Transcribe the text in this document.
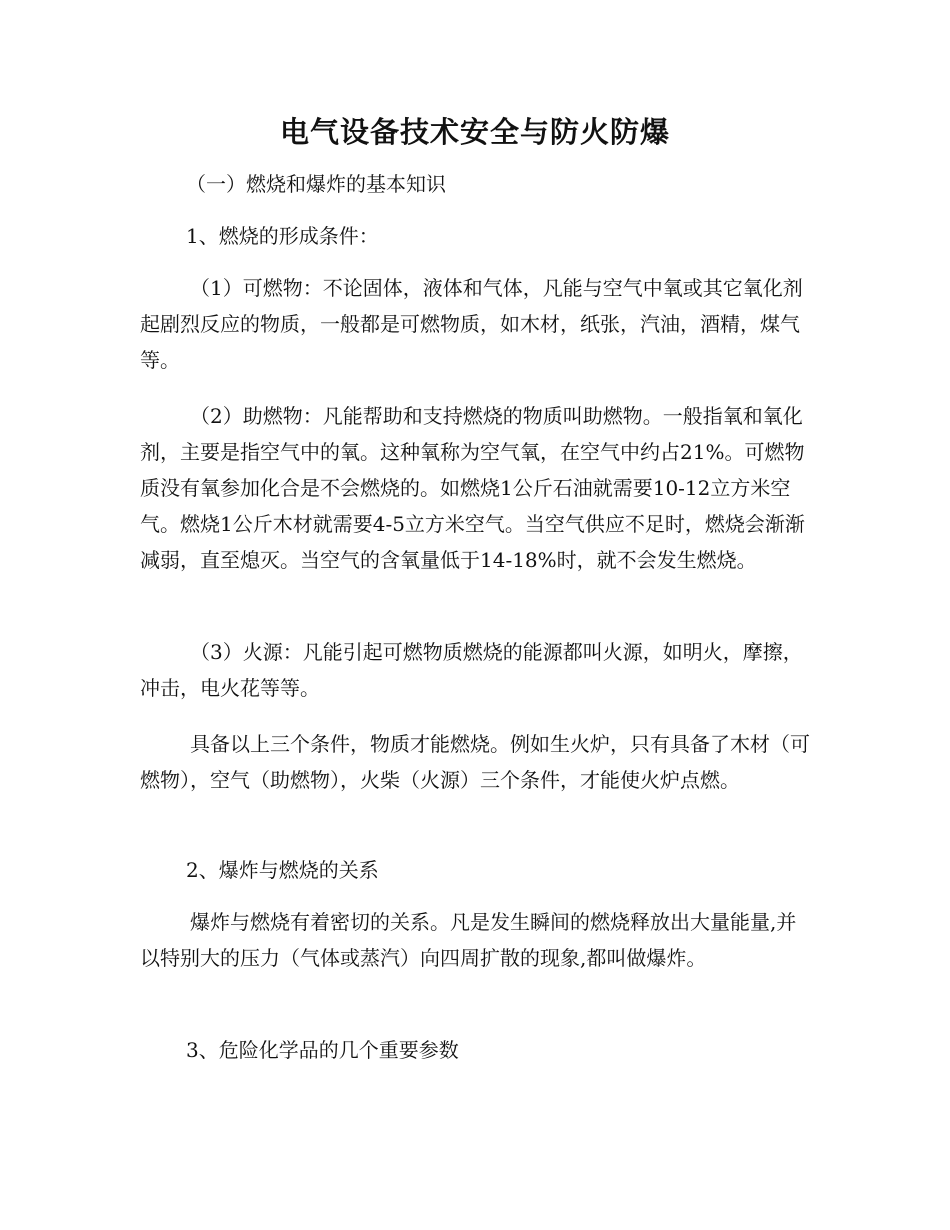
电气设备技术安全与防火防爆

（一）燃烧和爆炸的基本知识

1、燃烧的形成条件：

（1）可燃物：不论固体，液体和气体，凡能与空气中氧或其它氧化剂起剧烈反应的物质，一般都是可燃物质，如木材，纸张，汽油，酒精，煤气等。

（2）助燃物：凡能帮助和支持燃烧的物质叫助燃物。一般指氧和氧化剂，主要是指空气中的氧。这种氧称为空气氧，在空气中约占21%。可燃物质没有氧参加化合是不会燃烧的。如燃烧1公斤石油就需要10-12立方米空气。燃烧1公斤木材就需要4-5立方米空气。当空气供应不足时，燃烧会渐渐减弱，直至熄灭。当空气的含氧量低于14-18%时，就不会发生燃烧。

（3）火源：凡能引起可燃物质燃烧的能源都叫火源，如明火，摩擦，冲击，电火花等等。

具备以上三个条件，物质才能燃烧。例如生火炉，只有具备了木材（可燃物），空气（助燃物），火柴（火源）三个条件，才能使火炉点燃。

2、爆炸与燃烧的关系

爆炸与燃烧有着密切的关系。凡是发生瞬间的燃烧释放出大量能量,并以特别大的压力（气体或蒸汽）向四周扩散的现象,都叫做爆炸。

3、危险化学品的几个重要参数
